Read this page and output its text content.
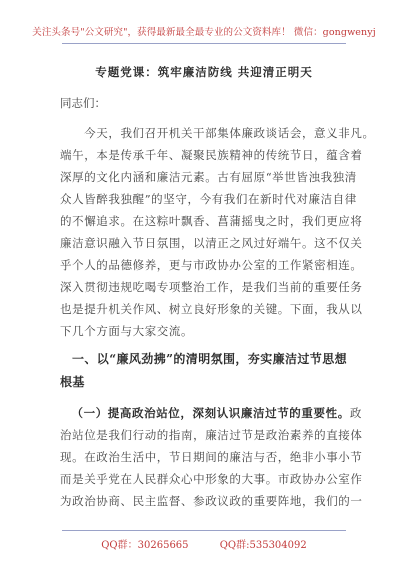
关注头条号"公文研究"，获得最新最全最专业的公文资料库！ 微信：gongwenyj
专题党课：筑牢廉洁防线 共迎清正明天
同志们：
今天，我们召开机关干部集体廉政谈话会，意义非凡。
端午，本是传承千年、凝聚民族精神的传统节日，蕴含着
深厚的文化内涵和廉洁元素。古有屈原“举世皆浊我独清
众人皆醉我独醒”的坚守，今有我们在新时代对廉洁自律
的不懈追求。在这粽叶飘香、菖蒲摇曳之时，我们更应将
廉洁意识融入节日氛围，以清正之风过好端午。这不仅关
乎个人的品德修养，更与市政协办公室的工作紧密相连。
深入贯彻违规吃喝专项整治工作，是我们当前的重要任务
也是提升机关作风、树立良好形象的关键。下面，我从以
下几个方面与大家交流。
一、以“廉风劲拂”的清明氛围，夯实廉洁过节思想根基
（一）提高政治站位，深刻认识廉洁过节的重要性。政
治站位是我们行动的指南，廉洁过节是政治素养的直接体
现。在政治生活中，节日期间的廉洁与否，绝非小事小节
而是关乎党在人民群众心中形象的大事。市政协办公室作
为政治协商、民主监督、参政议政的重要阵地，我们的一
QQ群：30265665	QQ群:535304092
